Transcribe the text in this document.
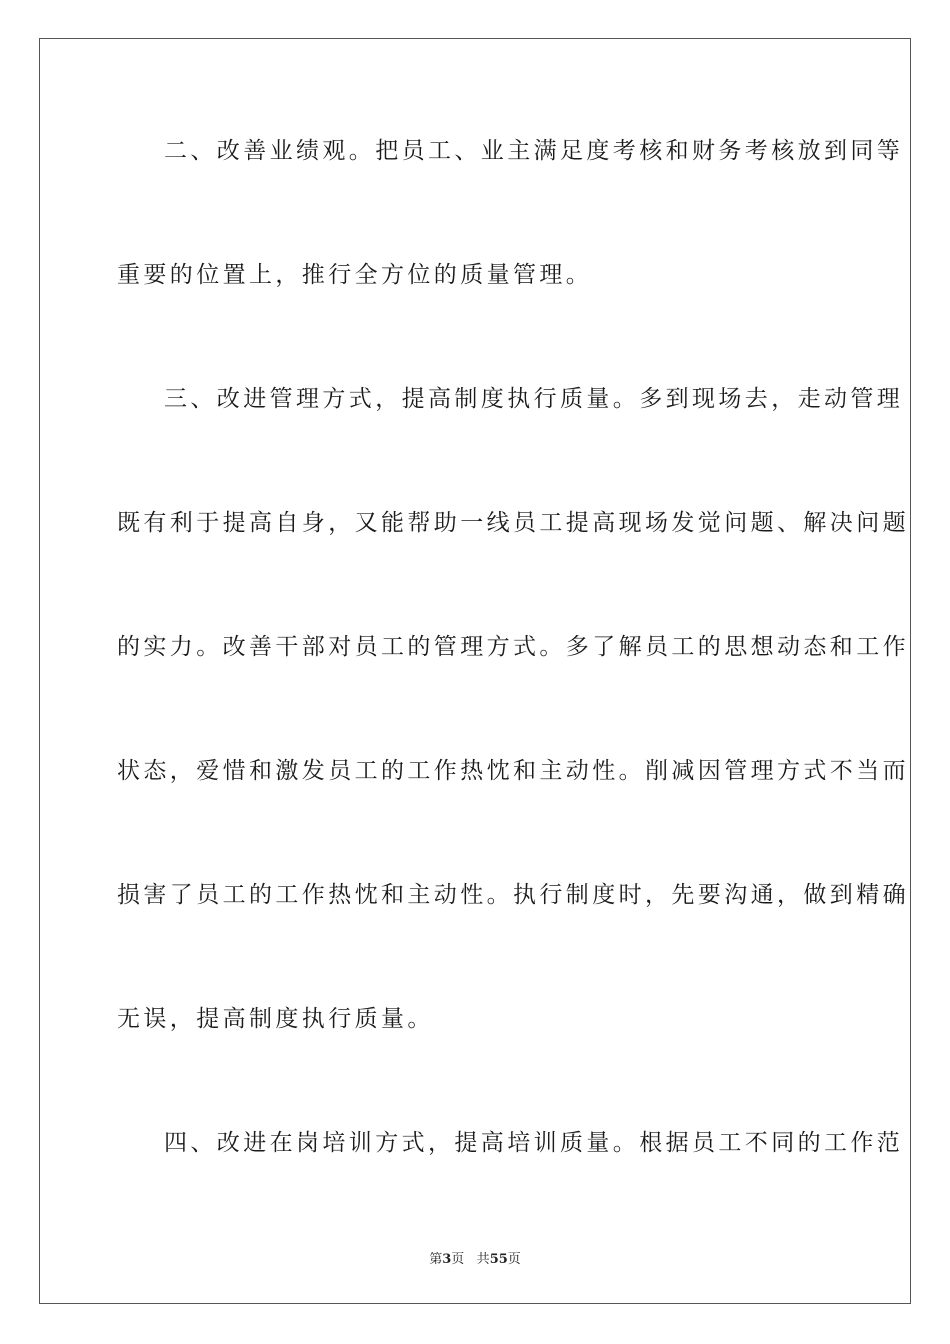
二、改善业绩观。把员工、业主满足度考核和财务考核放到同等
重要的位置上，推行全方位的质量管理。
三、改进管理方式，提高制度执行质量。多到现场去，走动管理
既有利于提高自身，又能帮助一线员工提高现场发觉问题、解决问题
的实力。改善干部对员工的管理方式。多了解员工的思想动态和工作
状态，爱惜和激发员工的工作热忱和主动性。削减因管理方式不当而
损害了员工的工作热忱和主动性。执行制度时，先要沟通，做到精确
无误，提高制度执行质量。
四、改进在岗培训方式，提高培训质量。根据员工不同的工作范
第3页 共55页
